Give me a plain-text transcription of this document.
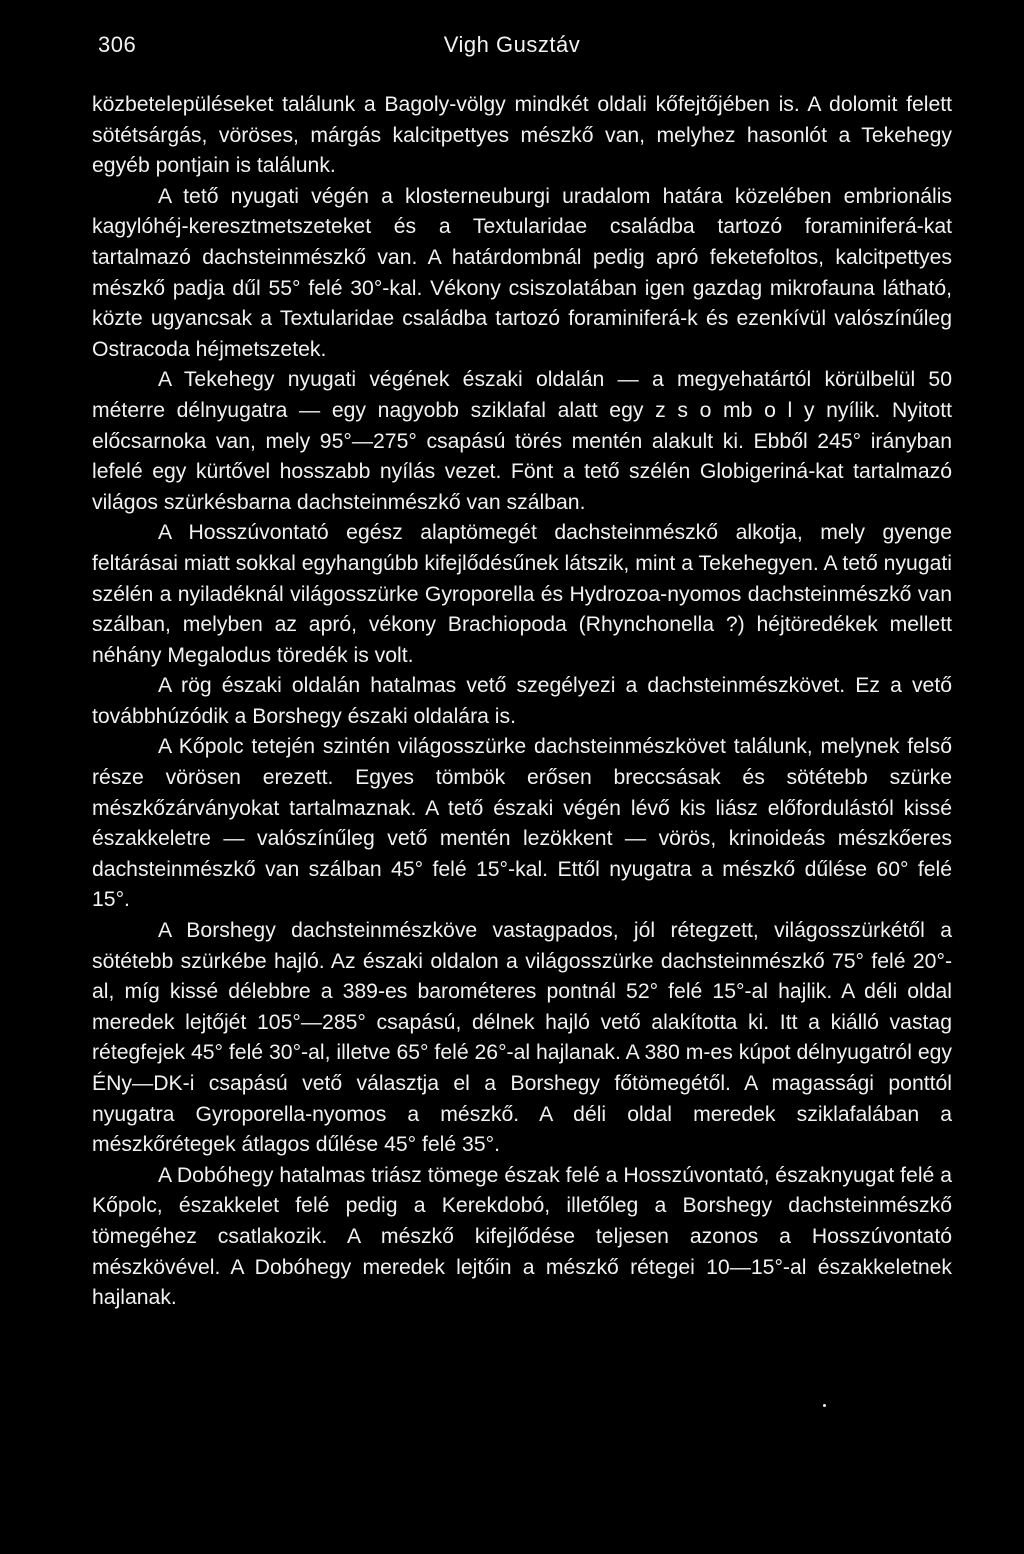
306	Vigh Gusztáv

közbetelepüléseket találunk a Bagoly-völgy mindkét oldali kőfejtőjében is. A dolomit felett sötétsárgás, vöröses, márgás kalcitpettyes mészkő van, melyhez hasonlót a Tekehegy egyéb pontjain is találunk.

A tető nyugati végén a klosterneuburgi uradalom határa közelében embrionális kagylóhéj-keresztmetszeteket és a Textularidae családba tartozó foraminiferá-kat tartalmazó dachsteinmészkő van. A határdombnál pedig apró feketefoltos, kalcitpettyes mészkő padja dűl 55° felé 30°-kal. Vékony csiszolatában igen gazdag mikrofauna látható, közte ugyancsak a Textularidae családba tartozó foraminiferá-k és ezenkívül valószínűleg Ostracoda héjmetszetek.

A Tekehegy nyugati végének északi oldalán — a megyehatártól körülbelül 50 méterre délnyugatra — egy nagyobb sziklafal alatt egy z s o mb o l y nyílik. Nyitott előcsarnoka van, mely 95°—275° csapású törés mentén alakult ki. Ebből 245° irányban lefelé egy kürtővel hosszabb nyílás vezet. Fönt a tető szélén Globigeriná-kat tartalmazó világos szürkésbarna dachsteinmészkő van szálban.

A Hosszúvontató egész alaptömegét dachsteinmészkő alkotja, mely gyenge feltárásai miatt sokkal egyhangúbb kifejlődésűnek látszik, mint a Tekehegyen. A tető nyugati szélén a nyiladéknál világosszürke Gyroporella és Hydrozoa-nyomos dachsteinmészkő van szálban, melyben az apró, vékony Brachiopoda (Rhynchonella ?) héjtöredékek mellett néhány Megalodus töredék is volt.

A rög északi oldalán hatalmas vető szegélyezi a dachsteinmészkövet. Ez a vető továbbhúzódik a Borshegy északi oldalára is.

A Kőpolc tetején szintén világosszürke dachsteinmészkövet találunk, melynek felső része vörösen erezett. Egyes tömbök erősen breccsásak és sötétebb szürke mészkőzárványokat tartalmaznak. A tető északi végén lévő kis liász előfordulástól kissé északkeletre — valószínűleg vető mentén lezökkent — vörös, krinoideás mészkőeres dachsteinmészkő van szálban 45° felé 15°-kal. Ettől nyugatra a mészkő dűlése 60° felé 15°.

A Borshegy dachsteinmészköve vastagpados, jól rétegzett, világosszürkétől a sötétebb szürkébe hajló. Az északi oldalon a világosszürke dachsteinmészkő 75° felé 20°-al, míg kissé délebbre a 389-es barométeres pontnál 52° felé 15°-al hajlik. A déli oldal meredek lejtőjét 105°—285° csapású, délnek hajló vető alakította ki. Itt a kiálló vastag rétegfejek 45° felé 30°-al, illetve 65° felé 26°-al hajlanak. A 380 m-es kúpot délnyugatról egy ÉNy—DK-i csapású vető választja el a Borshegy főtömegétől. A magassági ponttól nyugatra Gyroporella-nyomos a mészkő. A déli oldal meredek sziklafalában a mészkőrétegek átlagos dűlése 45° felé 35°.

A Dobóhegy hatalmas triász tömege észak felé a Hosszúvontató, északnyugat felé a Kőpolc, északkelet felé pedig a Kerekdobó, illetőleg a Borshegy dachsteinmészkő tömegéhez csatlakozik. A mészkő kifejlődése teljesen azonos a Hosszúvontató mészkövével. A Dobóhegy meredek lejtőin a mészkő rétegei 10—15°-al északkeletnek hajlanak.
